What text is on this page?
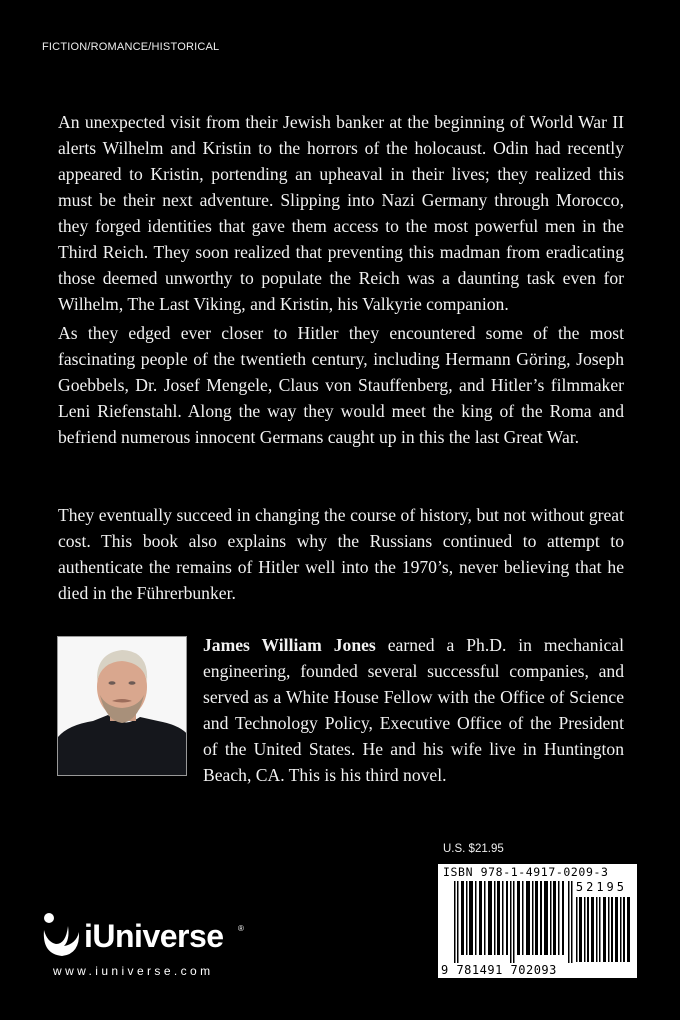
FICTION/ROMANCE/HISTORICAL

An unexpected visit from their Jewish banker at the beginning of World War II alerts Wilhelm and Kristin to the horrors of the holocaust. Odin had recently appeared to Kristin, portending an upheaval in their lives; they realized this must be their next adventure. Slipping into Nazi Germany through Morocco, they forged identities that gave them access to the most powerful men in the Third Reich. They soon realized that preventing this madman from eradicating those deemed unworthy to populate the Reich was a daunting task even for Wilhelm, The Last Viking, and Kristin, his Valkyrie companion.

As they edged ever closer to Hitler they encountered some of the most fascinating people of the twentieth century, including Hermann Göring, Joseph Goebbels, Dr. Josef Mengele, Claus von Stauffenberg, and Hitler’s filmmaker Leni Riefenstahl. Along the way they would meet the king of the Roma and befriend numerous innocent Germans caught up in this the last Great War.

They eventually succeed in changing the course of history, but not without great cost. This book also explains why the Russians continued to attempt to authenticate the remains of Hitler well into the 1970’s, never believing that he died in the Führerbunker.

James William Jones earned a Ph.D. in mechanical engineering, founded several successful companies, and served as a White House Fellow with the Office of Science and Technology Policy, Executive Office of the President of the United States. He and his wife live in Huntington Beach, CA. This is his third novel.

U.S. $21.95
ISBN 978-1-4917-0209-3
52195
9 781491 702093
iUniverse ®
www.iuniverse.com
